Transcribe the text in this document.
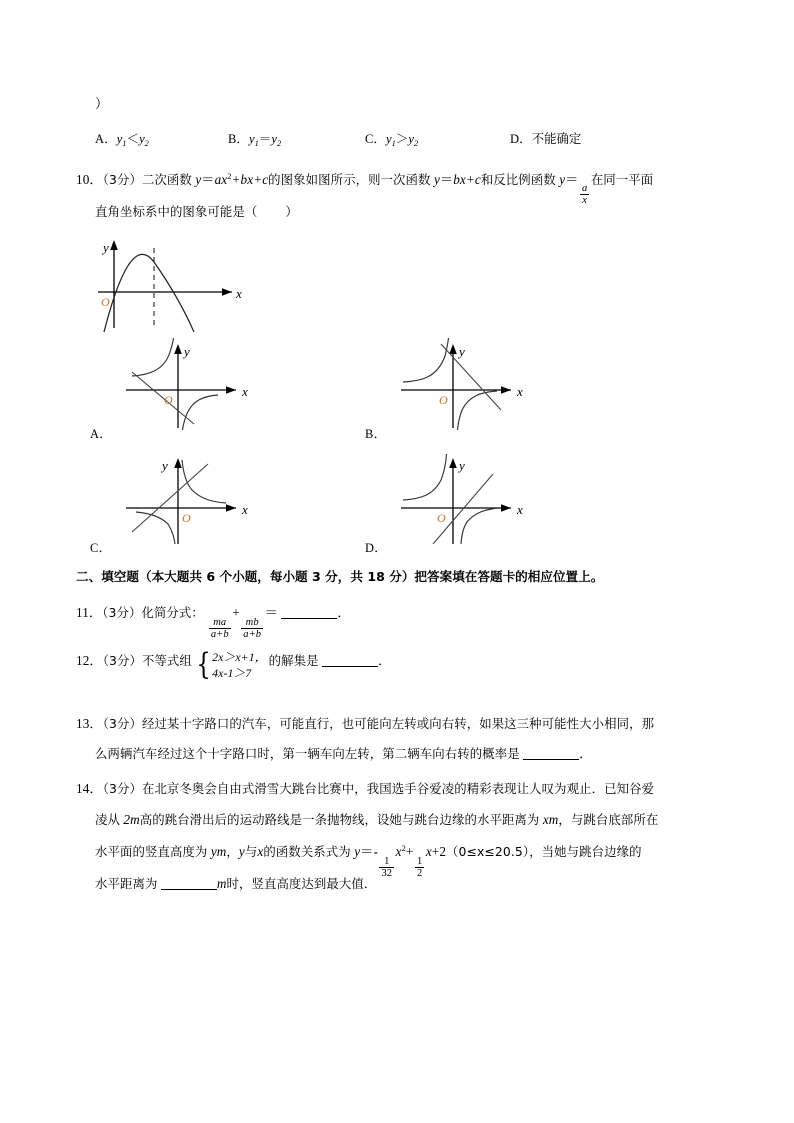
）
A．$y_1<y_2$	B．$y_1=y_2$	C．$y_1>y_2$	D．不能确定
10．（3分）二次函数 $y=ax^2+bx+c$的图象如图所示，则一次函数 y＝bx+c和反比例函数 y＝
$\frac{a}{x}$
在同一平面
直角坐标系中的图象可能是（ ）
y
x
O
y
x
O
A．
y
x
O
B．
y
x
O
C．
y
x
O
D．
二、填空题（本大题共 6 个小题，每小题 3 分，共 18 分）把答案填在答题卡的相应位置上。
11．（3分）化简分式：
$\frac{ma}{a+b}$
+
$\frac{mb}{a+b}$
＝	．
12．（3分）不等式组 { 2x＞x+1，
4x-1＞7
的解集是	．
13．（3分）经过某十字路口的汽车，可能直行，也可能向左转或向右转，如果这三种可能性大小相同，那
么两辆汽车经过这个十字路口时，第一辆车向左转，第二辆车向右转的概率是	．
14．（3分）在北京冬奥会自由式滑雪大跳台比赛中，我国选手谷爱凌的精彩表现让人叹为观止．已知谷爱
凌从 2m高的跳台滑出后的运动路线是一条抛物线，设她与跳台边缘的水平距离为 xm，与跳台底部所在
水平面的竖直高度为 ym，y与x的函数关系式为 y＝-
$\frac{1}{32}$
$x^2+$
$\frac{1}{2}$
x+2（0≤x≤20.5），当她与跳台边缘的
水平距离为	m时，竖直高度达到最大值．
